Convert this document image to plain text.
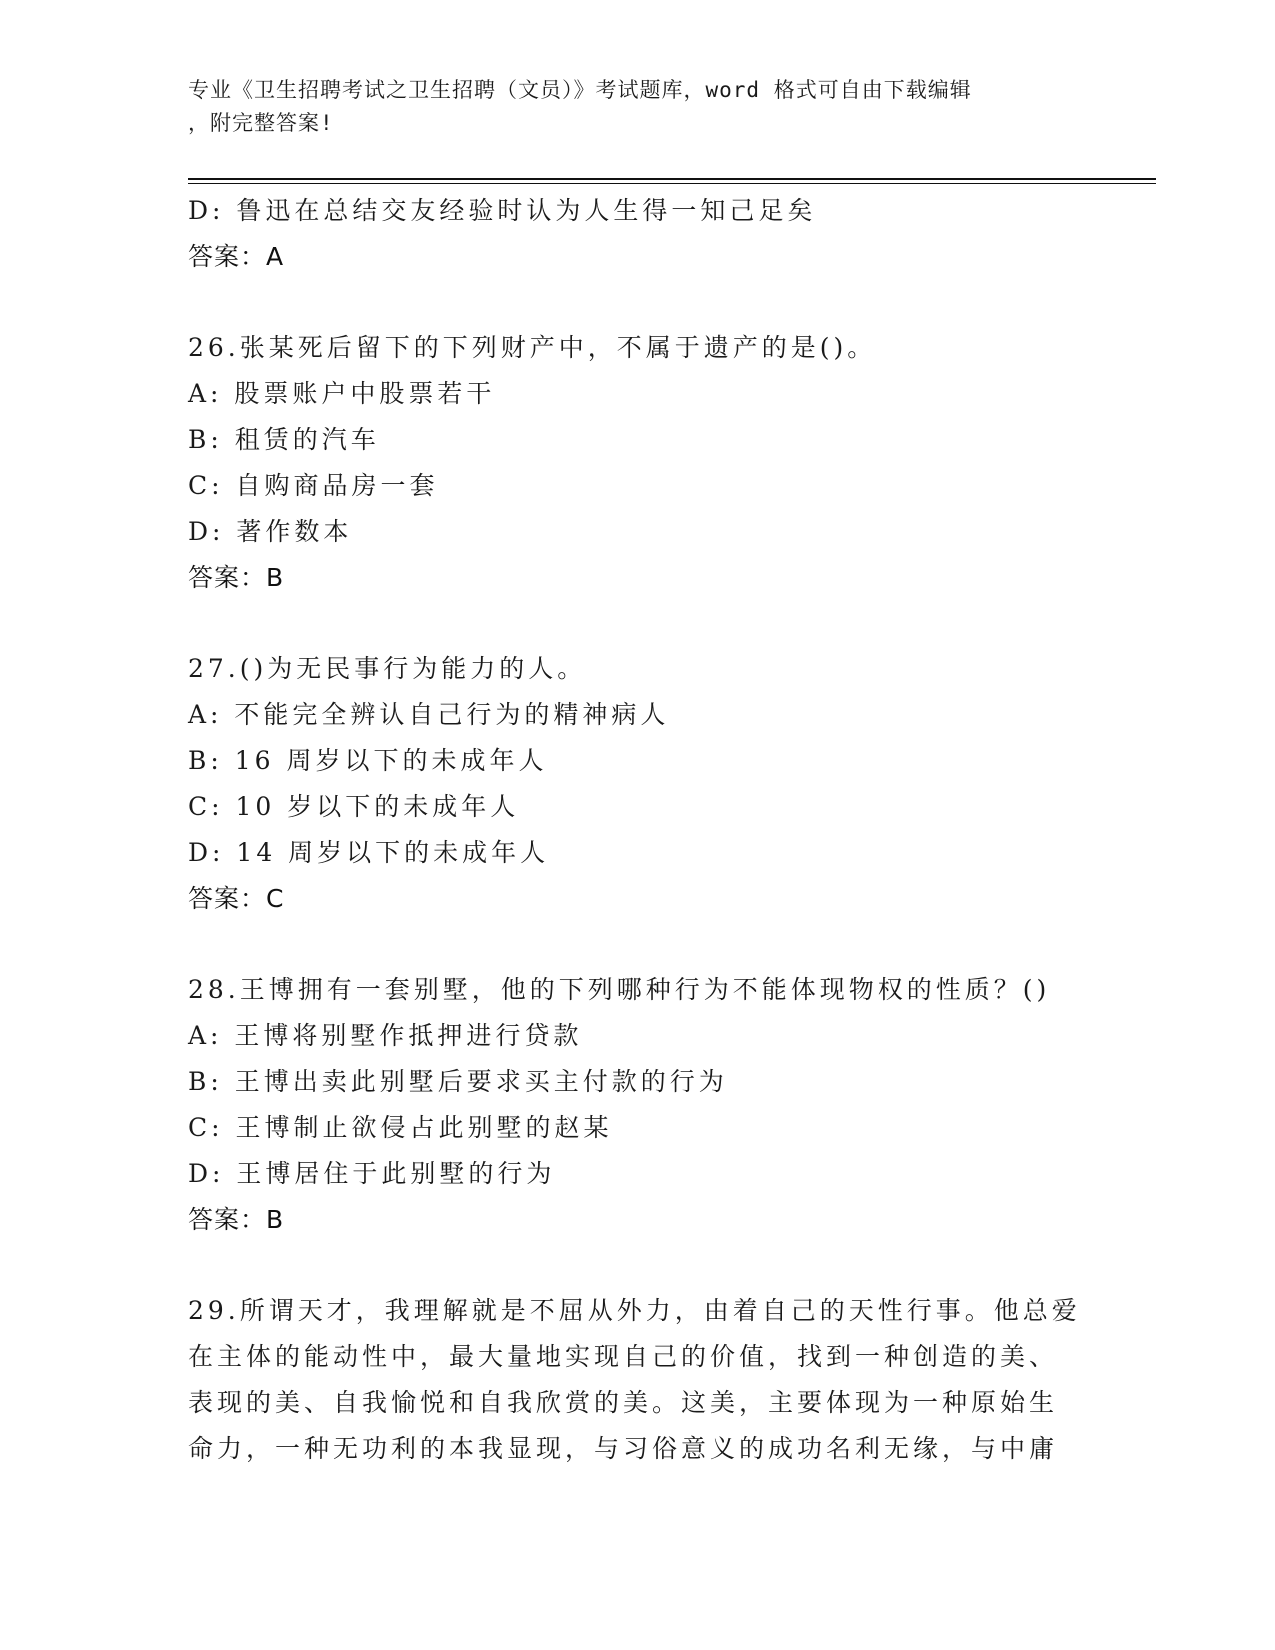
专业《卫生招聘考试之卫生招聘（文员）》考试题库，word 格式可自由下载编辑
，附完整答案!
D: 鲁迅在总结交友经验时认为人生得一知己足矣
答案：A
26.张某死后留下的下列财产中，不属于遗产的是()。
A: 股票账户中股票若干
B: 租赁的汽车
C: 自购商品房一套
D: 著作数本
答案：B
27.()为无民事行为能力的人。
A: 不能完全辨认自己行为的精神病人
B: 16 周岁以下的未成年人
C: 10 岁以下的未成年人
D: 14 周岁以下的未成年人
答案：C
28.王博拥有一套别墅，他的下列哪种行为不能体现物权的性质？()
A: 王博将别墅作抵押进行贷款
B: 王博出卖此别墅后要求买主付款的行为
C: 王博制止欲侵占此别墅的赵某
D: 王博居住于此别墅的行为
答案：B
29.所谓天才，我理解就是不屈从外力，由着自己的天性行事。他总爱
在主体的能动性中，最大量地实现自己的价值，找到一种创造的美、
表现的美、自我愉悦和自我欣赏的美。这美，主要体现为一种原始生
命力，一种无功利的本我显现，与习俗意义的成功名利无缘，与中庸
